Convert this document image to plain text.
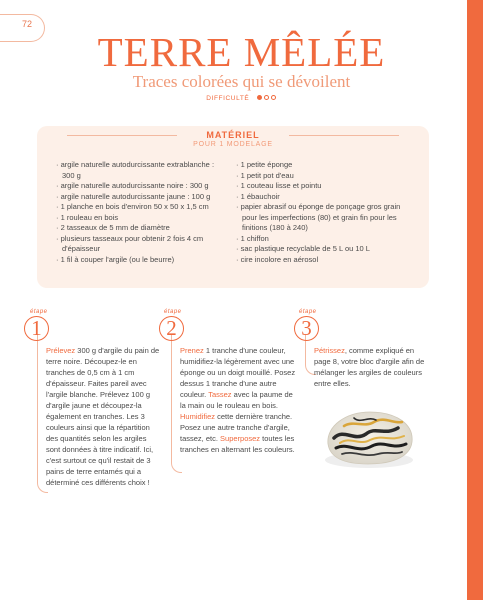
72
TERRE MÊLÉE
Traces colorées qui se dévoilent
DIFFICULTÉ
MATÉRIEL
POUR 1 MODELAGE
· argile naturelle autodurcissante extrablanche : 300 g
· argile naturelle autodurcissante noire : 300 g
· argile naturelle autodurcissante jaune : 100 g
· 1 planche en bois d'environ 50 x 50 x 1,5 cm
· 1 rouleau en bois
· 2 tasseaux de 5 mm de diamètre
· plusieurs tasseaux pour obtenir 2 fois 4 cm d'épaisseur
· 1 fil à couper l'argile (ou le beurre)
· 1 petite éponge
· 1 petit pot d'eau
· 1 couteau lisse et pointu
· 1 ébauchoir
· papier abrasif ou éponge de ponçage gros grain pour les imperfections (80) et grain fin pour les finitions (180 à 240)
· 1 chiffon
· sac plastique recyclable de 5 L ou 10 L
· cire incolore en aérosol
étape
1
Prélevez 300 g d'argile du pain de terre noire. Découpez-le en tranches de 0,5 cm à 1 cm d'épaisseur. Faites pareil avec l'argile blanche. Prélevez 100 g d'argile jaune et découpez-la également en tranches. Les 3 couleurs ainsi que la répartition des quantités selon les argiles sont données à titre indicatif. Ici, c'est surtout ce qu'il restait de 3 pains de terre entamés qui a déterminé ces différents choix !
étape
2
Prenez 1 tranche d'une couleur, humidifiez-la légèrement avec une éponge ou un doigt mouillé. Posez dessus 1 tranche d'une autre couleur. Tassez avec la paume de la main ou le rouleau en bois. Humidifiez cette dernière tranche. Posez une autre tranche d'argile, tassez, etc. Superposez toutes les tranches en alternant les couleurs.
étape
3
Pétrissez, comme expliqué en page 8, votre bloc d'argile afin de mélanger les argiles de couleurs entre elles.
